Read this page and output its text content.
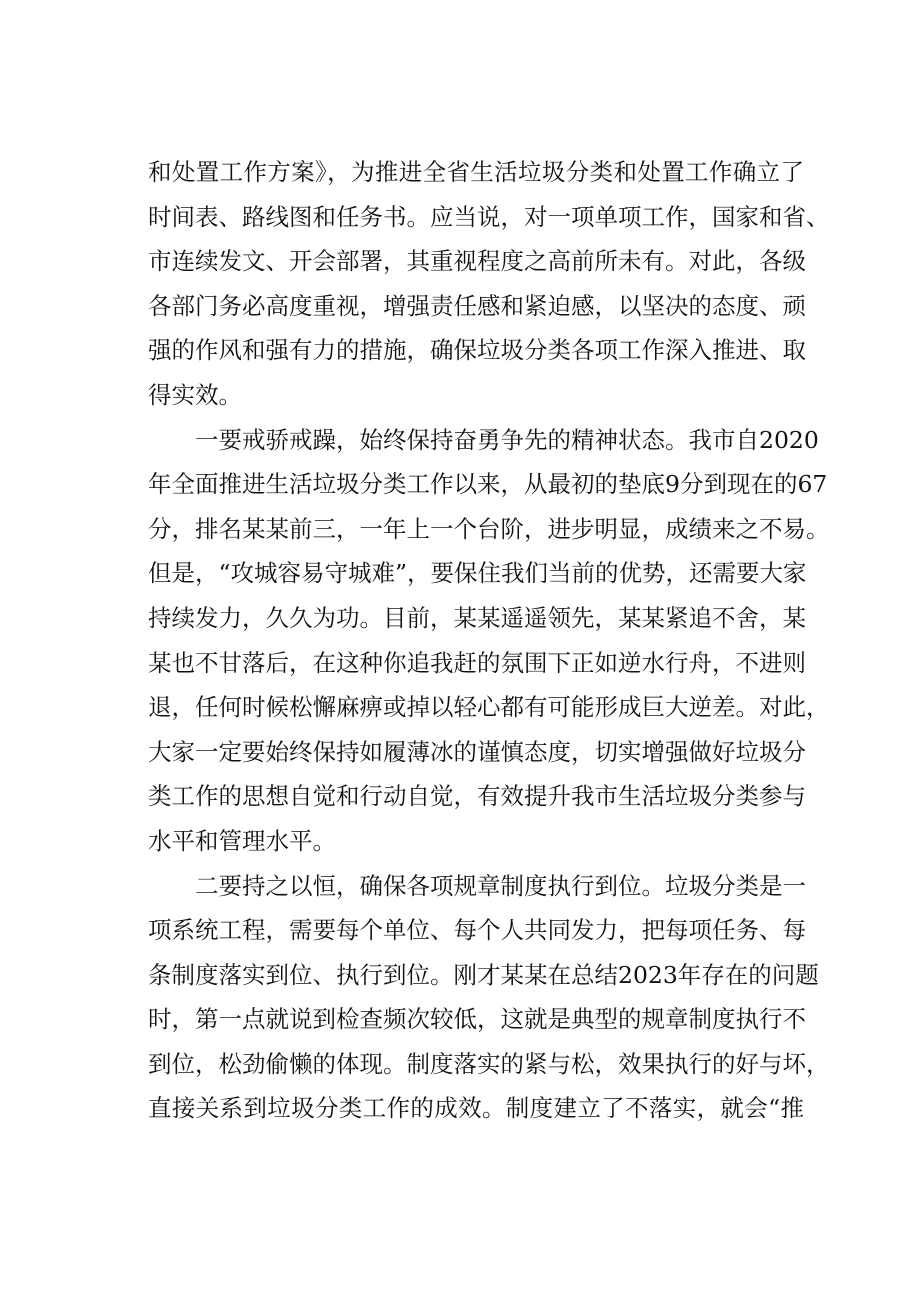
和处置工作方案》，为推进全省生活垃圾分类和处置工作确立了
时间表、路线图和任务书。应当说，对一项单项工作，国家和省、
市连续发文、开会部署，其重视程度之高前所未有。对此，各级
各部门务必高度重视，增强责任感和紧迫感，以坚决的态度、顽
强的作风和强有力的措施，确保垃圾分类各项工作深入推进、取
得实效。
一要戒骄戒躁，始终保持奋勇争先的精神状态。我市自2020
年全面推进生活垃圾分类工作以来，从最初的垫底9分到现在的67
分，排名某某前三，一年上一个台阶，进步明显，成绩来之不易。
但是，“攻城容易守城难”，要保住我们当前的优势，还需要大家
持续发力，久久为功。目前，某某遥遥领先，某某紧追不舍，某
某也不甘落后，在这种你追我赶的氛围下正如逆水行舟，不进则
退，任何时候松懈麻痹或掉以轻心都有可能形成巨大逆差。对此，
大家一定要始终保持如履薄冰的谨慎态度，切实增强做好垃圾分
类工作的思想自觉和行动自觉，有效提升我市生活垃圾分类参与
水平和管理水平。
二要持之以恒，确保各项规章制度执行到位。垃圾分类是一
项系统工程，需要每个单位、每个人共同发力，把每项任务、每
条制度落实到位、执行到位。刚才某某在总结2023年存在的问题
时，第一点就说到检查频次较低，这就是典型的规章制度执行不
到位，松劲偷懒的体现。制度落实的紧与松，效果执行的好与坏，
直接关系到垃圾分类工作的成效。制度建立了不落实，就会“推
